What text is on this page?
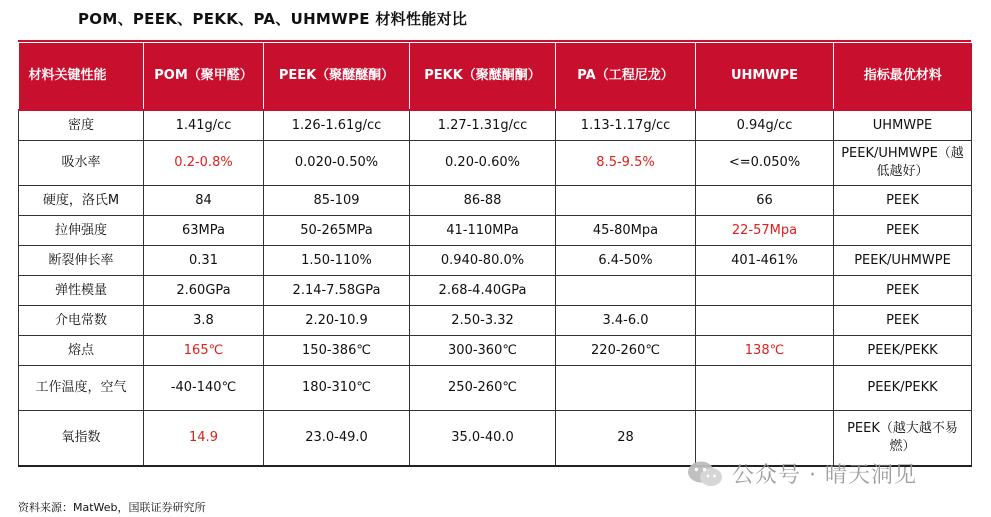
POM、PEEK、PEKK、PA、UHMWPE 材料性能对比
材料关键性能	POM（聚甲醛）	PEEK（聚醚醚酮）	PEKK（聚醚酮酮）	PA（工程尼龙）	UHMWPE	指标最优材料
密度	1.41g/cc	1.26-1.61g/cc	1.27-1.31g/cc	1.13-1.17g/cc	0.94g/cc	UHMWPE
吸水率	0.2-0.8%	0.020-0.50%	0.20-0.60%	8.5-9.5%	<=0.050%	PEEK/UHMWPE（越低越好）
硬度，洛氏M	84	85-109	86-88		66	PEEK
拉伸强度	63MPa	50-265MPa	41-110MPa	45-80Mpa	22-57Mpa	PEEK
断裂伸长率	0.31	1.50-110%	0.940-80.0%	6.4-50%	401-461%	PEEK/UHMWPE
弹性模量	2.60GPa	2.14-7.58GPa	2.68-4.40GPa			PEEK
介电常数	3.8	2.20-10.9	2.50-3.32	3.4-6.0		PEEK
熔点	165℃	150-386℃	300-360℃	220-260℃	138℃	PEEK/PEKK
工作温度，空气	-40-140℃	180-310℃	250-260℃			PEEK/PEKK
氧指数	14.9	23.0-49.0	35.0-40.0	28		PEEK（越大越不易燃）
资料来源：MatWeb，国联证券研究所
公众号 · 晴天洞见
